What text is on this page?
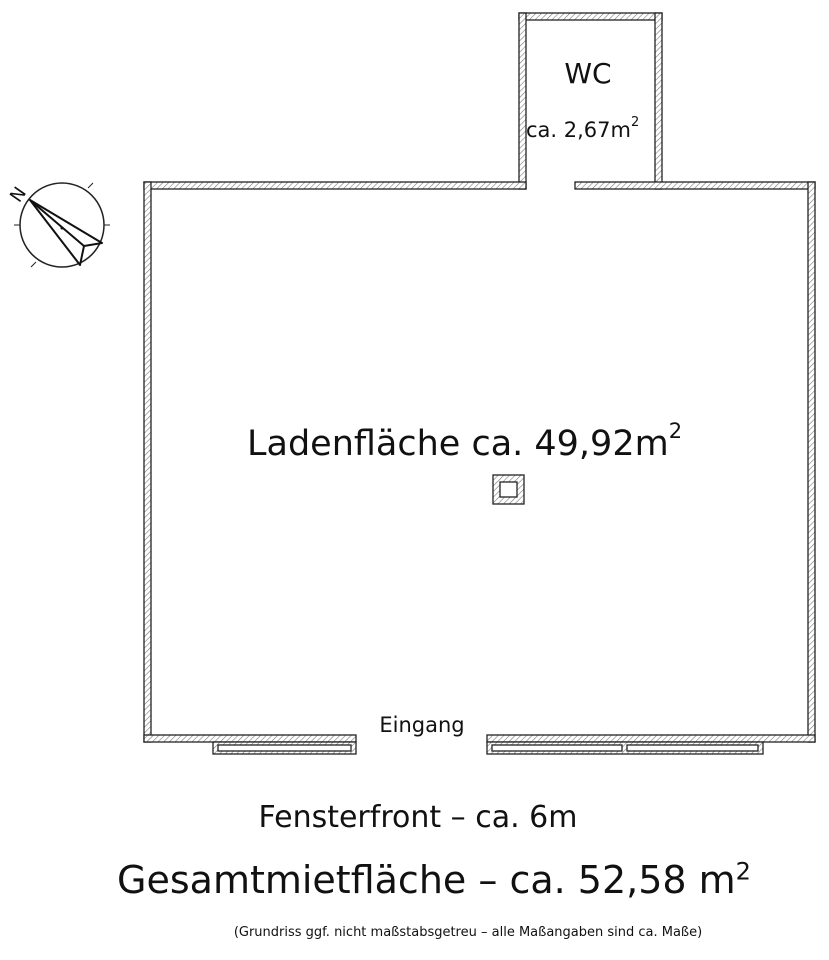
N
WC
ca. $2,67m^2$
Ladenfläche ca. $49,92m^2$
Eingang
Fensterfront – ca. 6m
Gesamtmietfläche – ca. 52,58 $m^2$
(Grundriss ggf. nicht maßstabsgetreu – alle Maßangaben sind ca. Maße)
